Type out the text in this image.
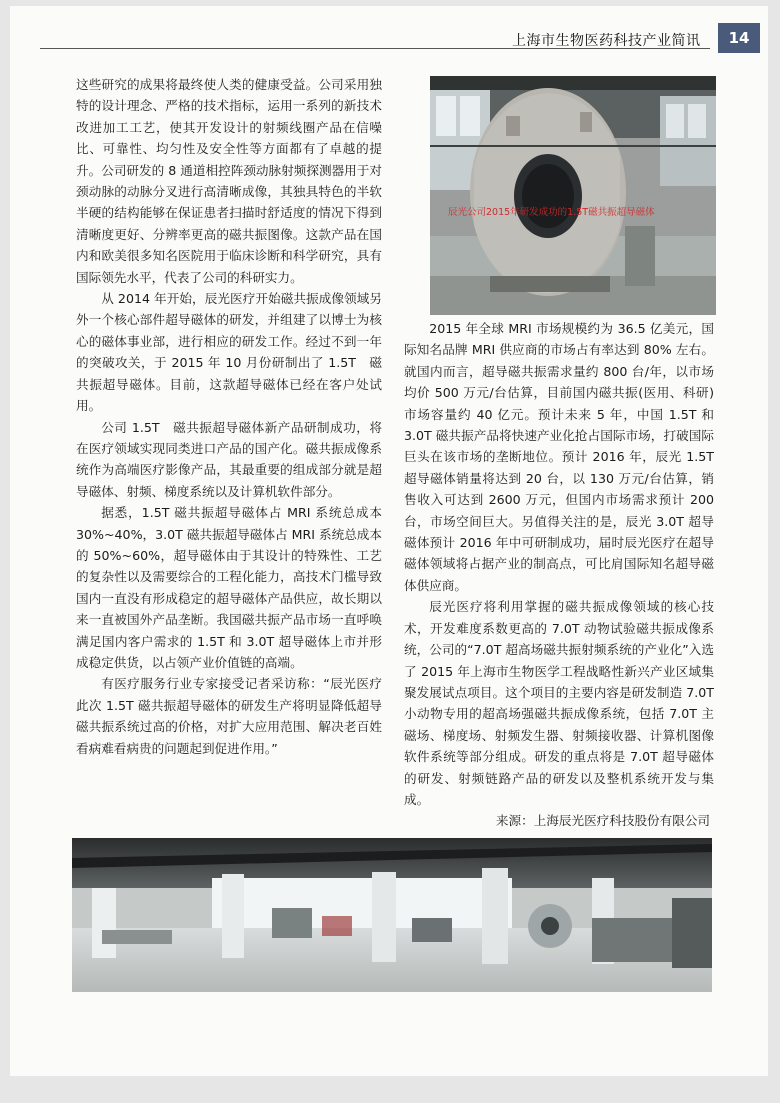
上海市生物医药科技产业简讯	14

这些研究的成果将最终使人类的健康受益。公司采用独特的设计理念、严格的技术指标，运用一系列的新技术改进加工工艺，使其开发设计的射频线圈产品在信噪比、可靠性、均匀性及安全性等方面都有了卓越的提升。公司研发的 8 通道相控阵颈动脉射频探测器用于对颈动脉的动脉分叉进行高清晰成像，其独具特色的半软半硬的结构能够在保证患者扫描时舒适度的情况下得到清晰度更好、分辨率更高的磁共振图像。这款产品在国内和欧美很多知名医院用于临床诊断和科学研究，具有国际领先水平，代表了公司的科研实力。

从 2014 年开始，辰光医疗开始磁共振成像领域另外一个核心部件超导磁体的研发，并组建了以博士为核心的磁体事业部，进行相应的研发工作。经过不到一年的突破攻关，于 2015 年 10 月份研制出了 1.5T　磁共振超导磁体。目前，这款超导磁体已经在客户处试用。

公司 1.5T　磁共振超导磁体新产品研制成功，将在医疗领域实现同类进口产品的国产化。磁共振成像系统作为高端医疗影像产品，其最重要的组成部分就是超导磁体、射频、梯度系统以及计算机软件部分。

据悉，1.5T 磁共振超导磁体占 MRI 系统总成本 30%~40%，3.0T 磁共振超导磁体占 MRI 系统总成本的 50%~60%，超导磁体由于其设计的特殊性、工艺的复杂性以及需要综合的工程化能力，高技术门槛导致国内一直没有形成稳定的超导磁体产品供应，故长期以来一直被国外产品垄断。我国磁共振产品市场一直呼唤满足国内客户需求的 1.5T 和 3.0T 超导磁体上市并形成稳定供货，以占领产业价值链的高端。

有医疗服务行业专家接受记者采访称：“辰光医疗此次 1.5T 磁共振超导磁体的研发生产将明显降低超导磁共振系统过高的价格，对扩大应用范围、解决老百姓看病难看病贵的问题起到促进作用。”

辰光公司2015年研发成功的1.5T磁共振超导磁体

2015 年全球 MRI 市场规模约为 36.5 亿美元，国际知名品牌 MRI 供应商的市场占有率达到 80% 左右。就国内而言，超导磁共振需求量约 800 台/年，以市场均价 500 万元/台估算，目前国内磁共振(医用、科研)市场容量约 40 亿元。预计未来 5 年，中国 1.5T 和 3.0T 磁共振产品将快速产业化抢占国际市场，打破国际巨头在该市场的垄断地位。预计 2016 年，辰光 1.5T 超导磁体销量将达到 20 台，以 130 万元/台估算，销售收入可达到 2600 万元，但国内市场需求预计 200 台，市场空间巨大。另值得关注的是，辰光 3.0T 超导磁体预计 2016 年中可研制成功，届时辰光医疗在超导磁体领域将占据产业的制高点，可比肩国际知名超导磁体供应商。

辰光医疗将利用掌握的磁共振成像领域的核心技术，开发难度系数更高的 7.0T 动物试验磁共振成像系统，公司的“7.0T 超高场磁共振射频系统的产业化”入选了 2015 年上海市生物医学工程战略性新兴产业区域集聚发展试点项目。这个项目的主要内容是研发制造 7.0T 小动物专用的超高场强磁共振成像系统，包括 7.0T 主磁场、梯度场、射频发生器、射频接收器、计算机图像软件系统等部分组成。研发的重点将是 7.0T 超导磁体的研发、射频链路产品的研发以及整机系统开发与集成。

来源：上海辰光医疗科技股份有限公司
